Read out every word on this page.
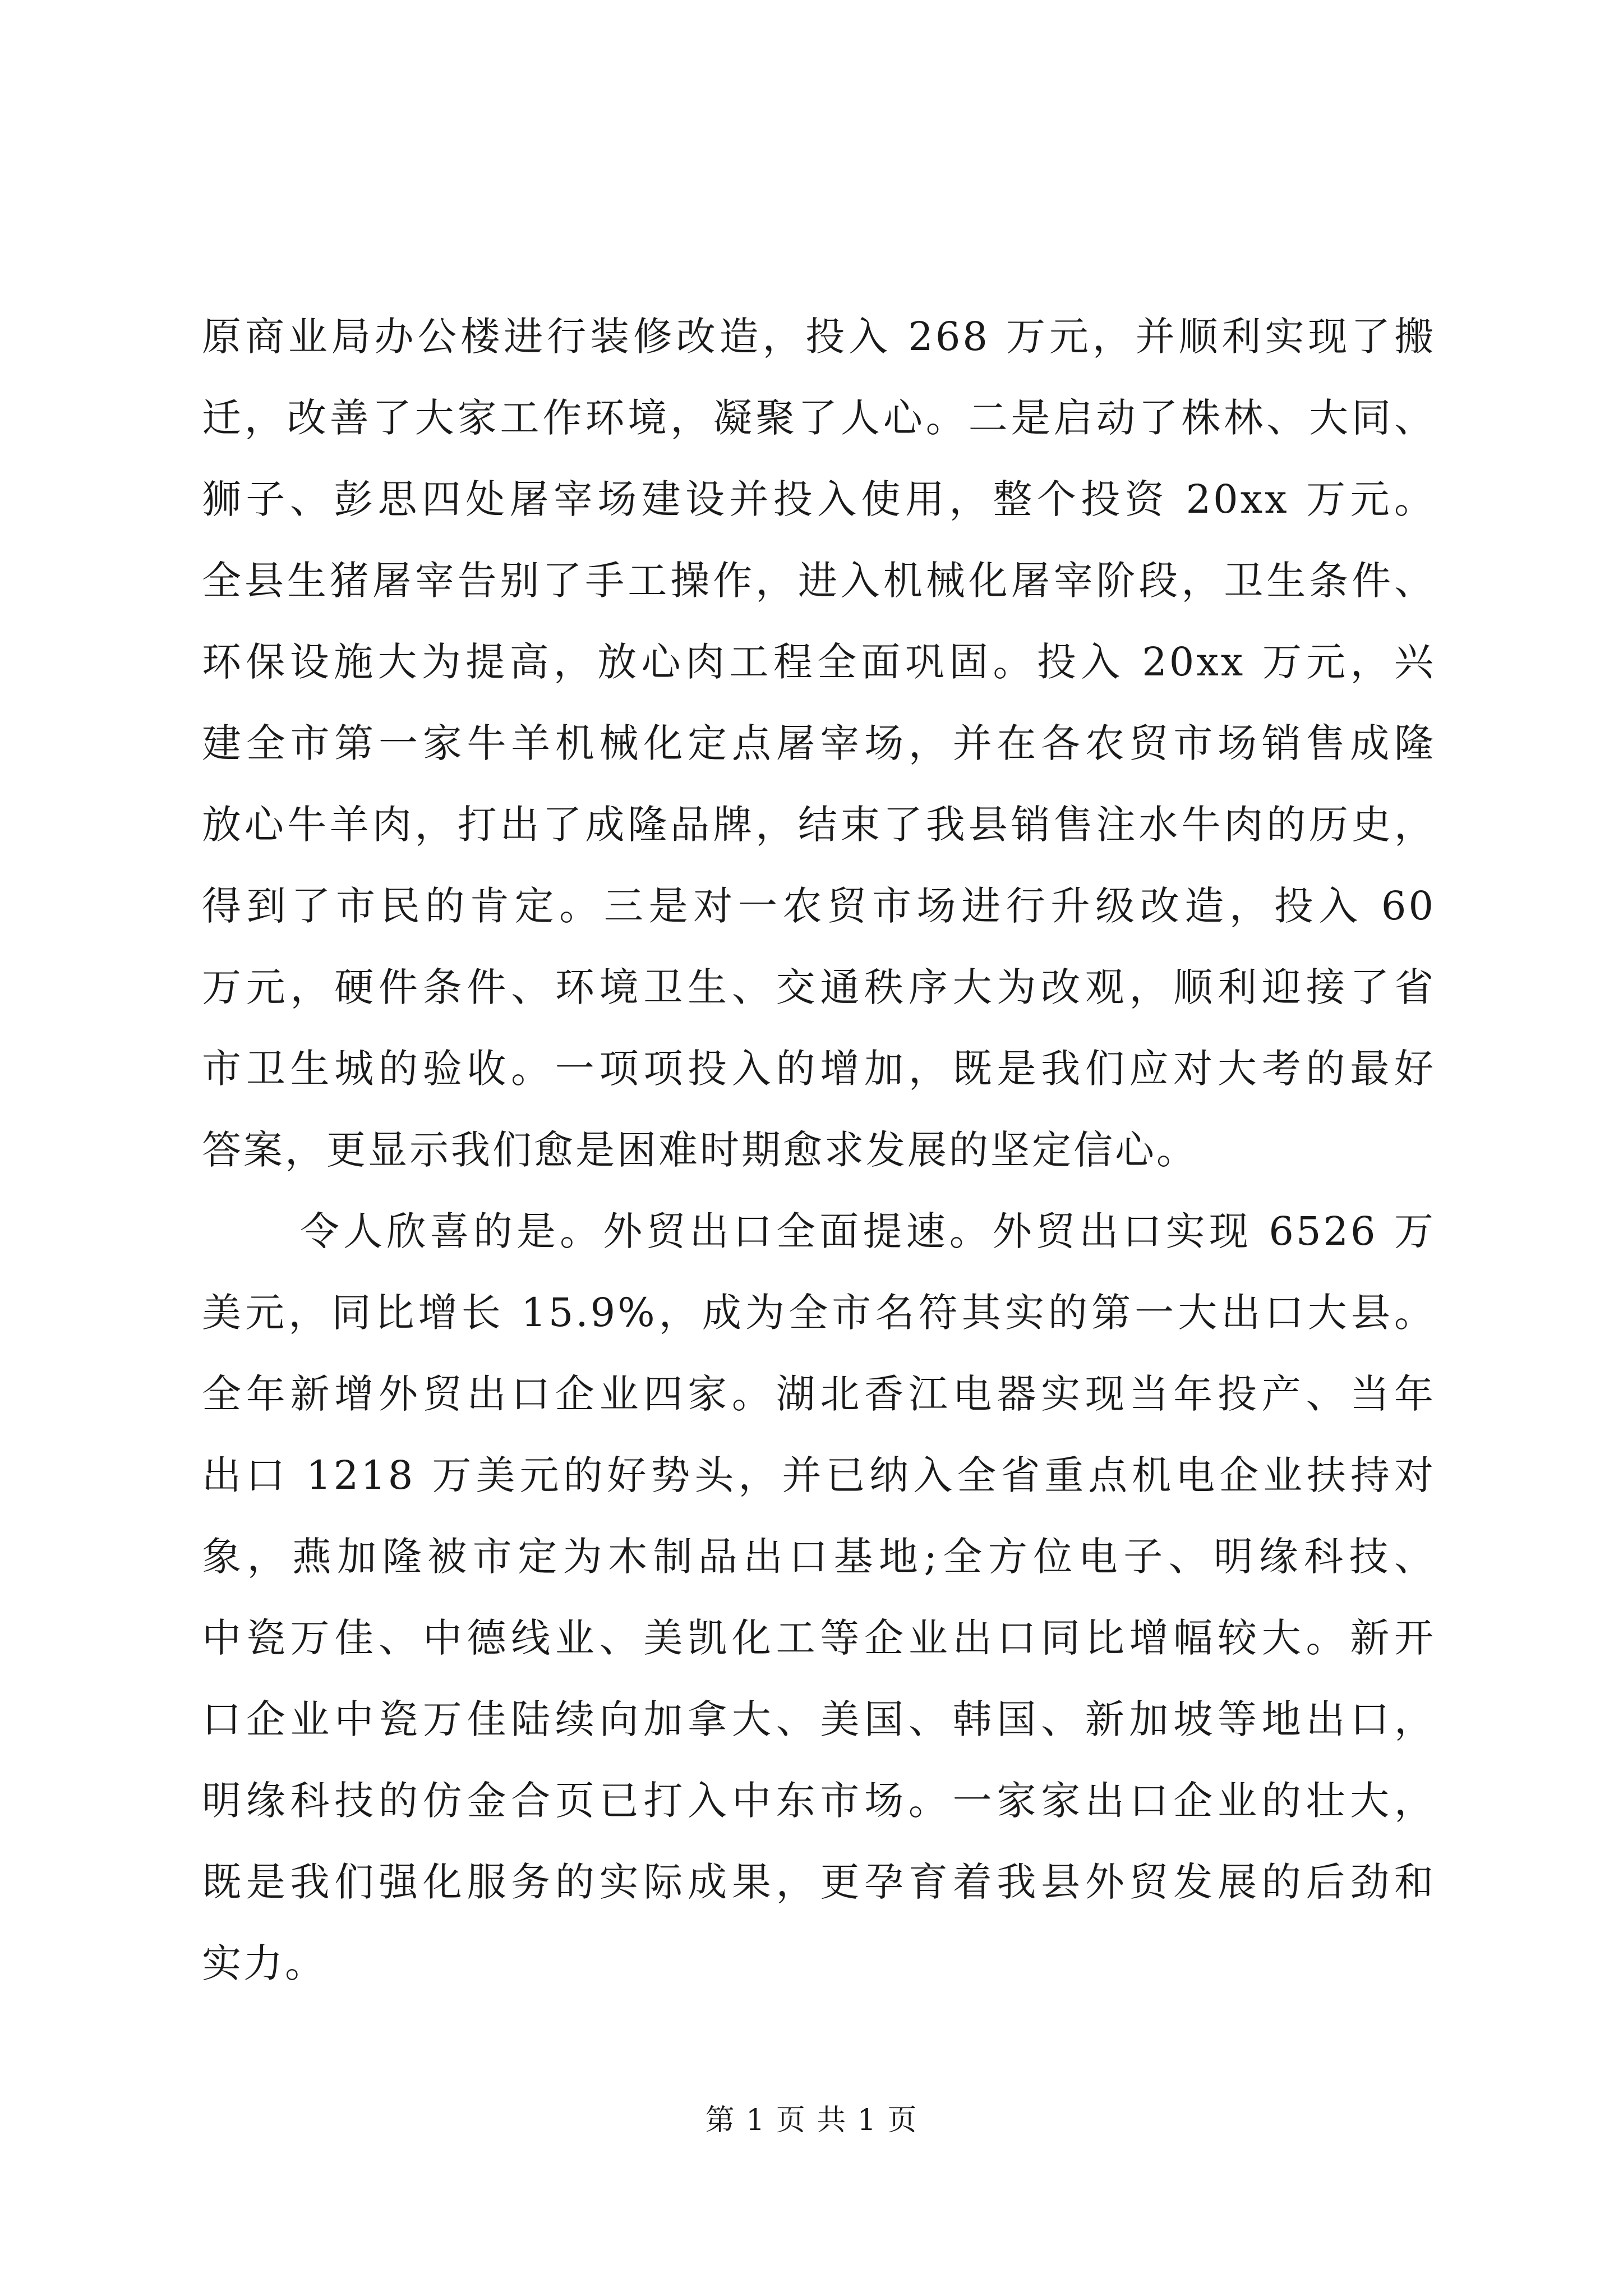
原商业局办公楼进行装修改造，投入 268 万元，并顺利实现了搬
迁，改善了大家工作环境，凝聚了人心。二是启动了株林、大同、
狮子、彭思四处屠宰场建设并投入使用，整个投资 20xx 万元。
全县生猪屠宰告别了手工操作，进入机械化屠宰阶段，卫生条件、
环保设施大为提高，放心肉工程全面巩固。投入 20xx 万元，兴
建全市第一家牛羊机械化定点屠宰场，并在各农贸市场销售成隆
放心牛羊肉，打出了成隆品牌，结束了我县销售注水牛肉的历史，
得到了市民的肯定。三是对一农贸市场进行升级改造，投入 60
万元，硬件条件、环境卫生、交通秩序大为改观，顺利迎接了省
市卫生城的验收。一项项投入的增加，既是我们应对大考的最好
答案，更显示我们愈是困难时期愈求发展的坚定信心。
令人欣喜的是。外贸出口全面提速。外贸出口实现 6526 万
美元，同比增长 15.9%，成为全市名符其实的第一大出口大县。
全年新增外贸出口企业四家。湖北香江电器实现当年投产、当年
出口 1218 万美元的好势头，并已纳入全省重点机电企业扶持对
象，燕加隆被市定为木制品出口基地;全方位电子、明缘科技、
中瓷万佳、中德线业、美凯化工等企业出口同比增幅较大。新开
口企业中瓷万佳陆续向加拿大、美国、韩国、新加坡等地出口，
明缘科技的仿金合页已打入中东市场。一家家出口企业的壮大，
既是我们强化服务的实际成果，更孕育着我县外贸发展的后劲和
实力。
第 1 页 共 1 页
